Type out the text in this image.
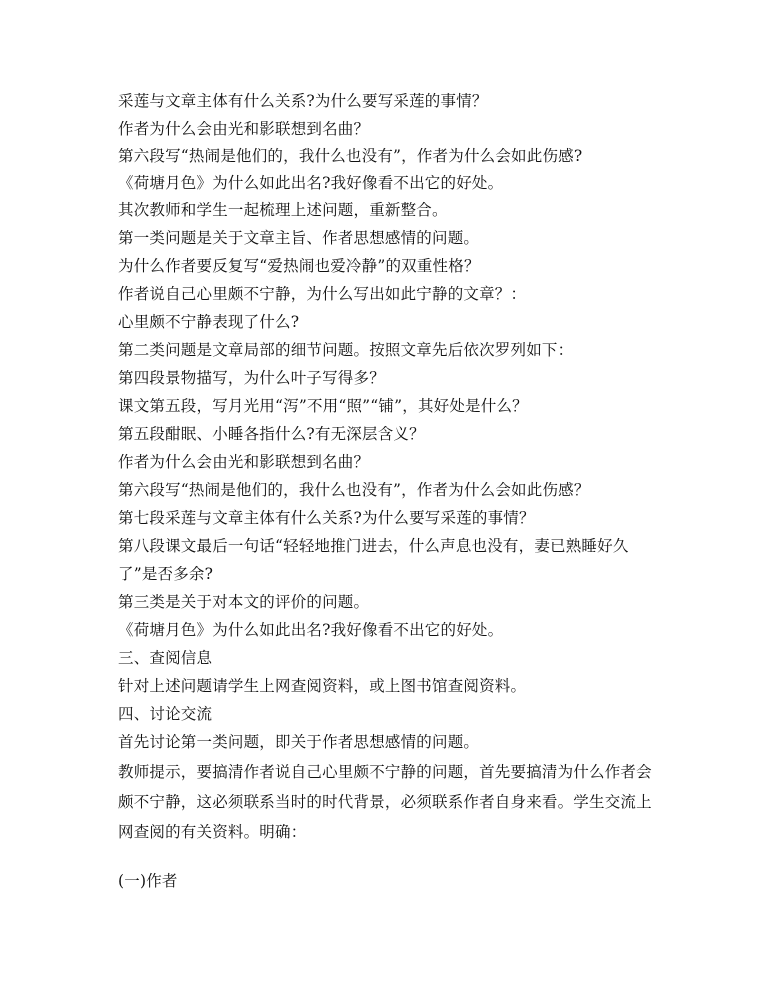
采莲与文章主体有什么关系?为什么要写采莲的事情？
作者为什么会由光和影联想到名曲？
第六段写“热闹是他们的，我什么也没有”，作者为什么会如此伤感?
《荷塘月色》为什么如此出名?我好像看不出它的好处。
其次教师和学生一起梳理上述问题，重新整合。
第一类问题是关于文章主旨、作者思想感情的问题。
为什么作者要反复写“爱热闹也爱冷静”的双重性格？
作者说自己心里颇不宁静，为什么写出如此宁静的文章？：
心里颇不宁静表现了什么?
第二类问题是文章局部的细节问题。按照文章先后依次罗列如下：
第四段景物描写，为什么叶子写得多？
课文第五段，写月光用“泻”不用“照”“铺”，其好处是什么？
第五段酣眠、小睡各指什么?有无深层含义？
作者为什么会由光和影联想到名曲？
第六段写“热闹是他们的，我什么也没有”，作者为什么会如此伤感？
第七段采莲与文章主体有什么关系?为什么要写采莲的事情？
第八段课文最后一句话“轻轻地推门进去，什么声息也没有，妻已熟睡好久
了”是否多余?
第三类是关于对本文的评价的问题。
《荷塘月色》为什么如此出名?我好像看不出它的好处。
三、查阅信息
针对上述问题请学生上网查阅资料，或上图书馆查阅资料。
四、讨论交流
首先讨论第一类问题，即关于作者思想感情的问题。
教师提示，要搞清作者说自己心里颇不宁静的问题，首先要搞清为什么作者会
颇不宁静，这必须联系当时的时代背景，必须联系作者自身来看。学生交流上
网查阅的有关资料。明确：
(一)作者
